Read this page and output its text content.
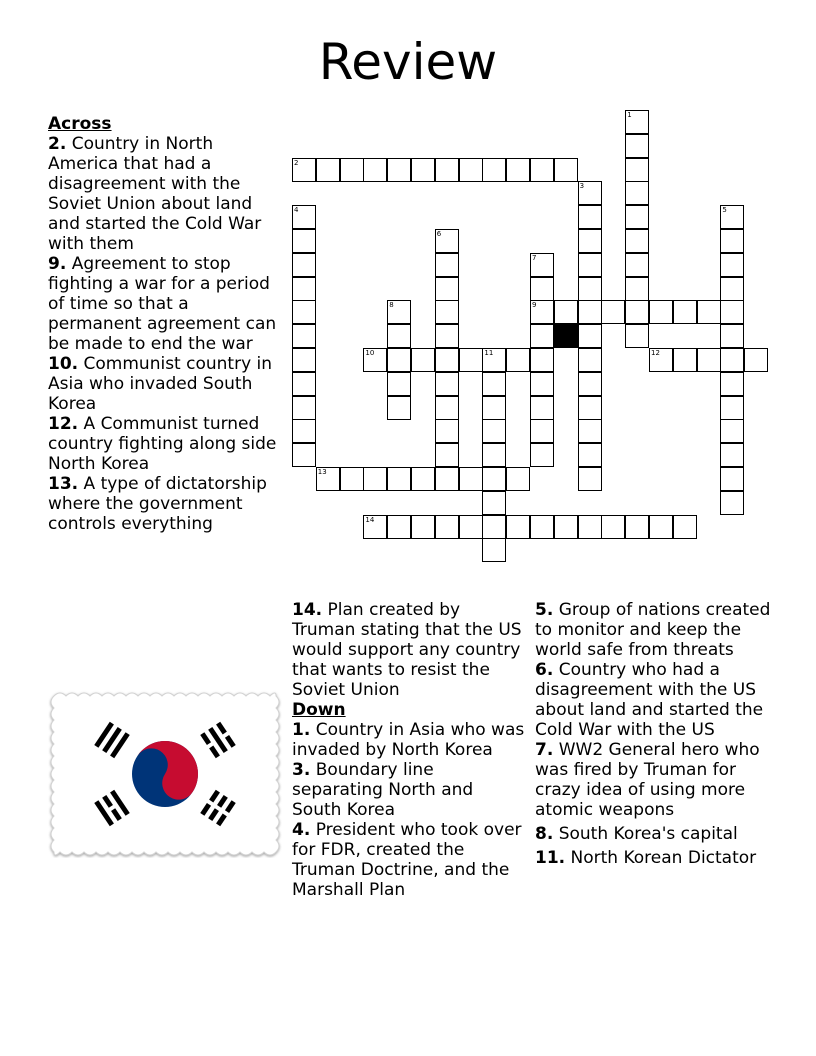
Review
Across
2. Country in North America that had a disagreement with the Soviet Union about land and started the Cold War with them
9. Agreement to stop fighting a war for a period of time so that a permanent agreement can be made to end the war
10. Communist country in Asia who invaded South Korea
12. A Communist turned country fighting along side North Korea
13. A type of dictatorship where the government controls everything
14. Plan created by Truman stating that the US would support any country that wants to resist the Soviet Union
Down
1. Country in Asia who was invaded by North Korea
3. Boundary line separating North and South Korea
4. President who took over for FDR, created the Truman Doctrine, and the Marshall Plan
5. Group of nations created to monitor and keep the world safe from threats
6. Country who had a disagreement with the US about land and started the Cold War with the US
7. WW2 General hero who was fired by Truman for crazy idea of using more atomic weapons
8. South Korea's capital
11. North Korean Dictator
1
2
3
4	5
6
7
8	9
10	11	12
13
14
